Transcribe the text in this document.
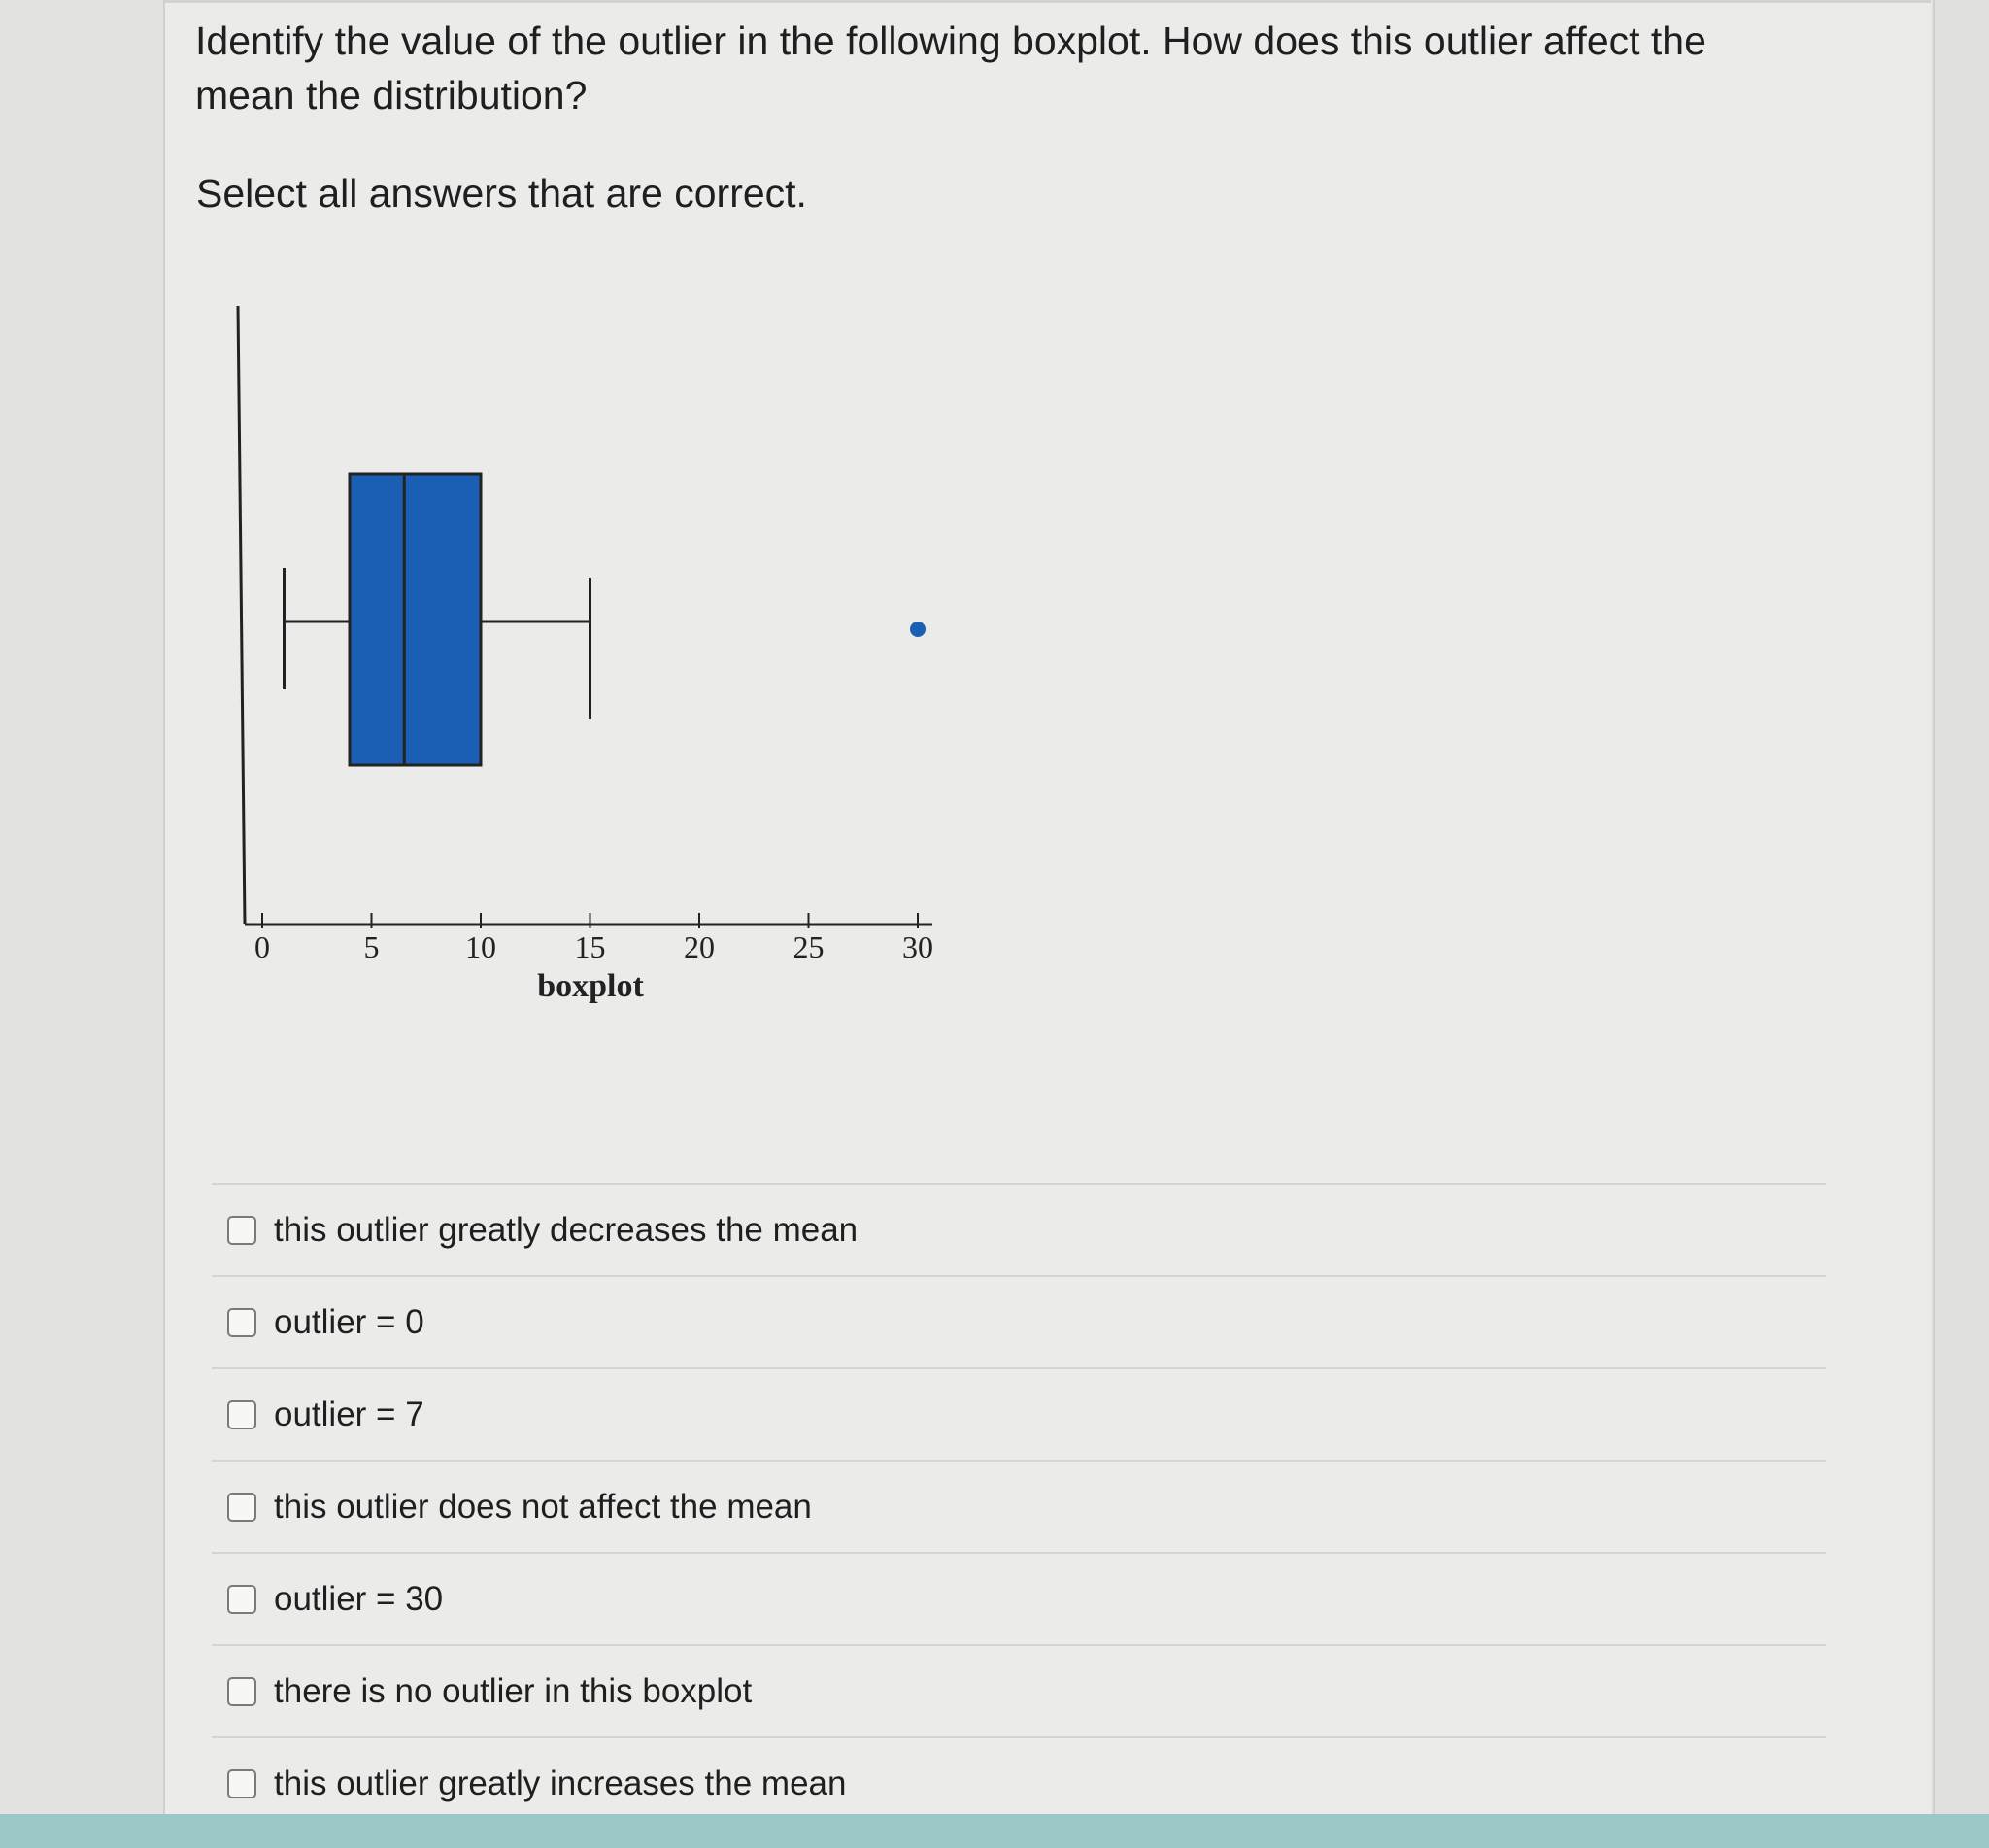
Identify the value of the outlier in the following boxplot. How does this outlier affect the mean the distribution?

Select all answers that are correct.

0	5	10	15	20	25	30
boxplot
this outlier greatly decreases the mean
outlier = 0
outlier = 7
this outlier does not affect the mean
outlier = 30
there is no outlier in this boxplot
this outlier greatly increases the mean
